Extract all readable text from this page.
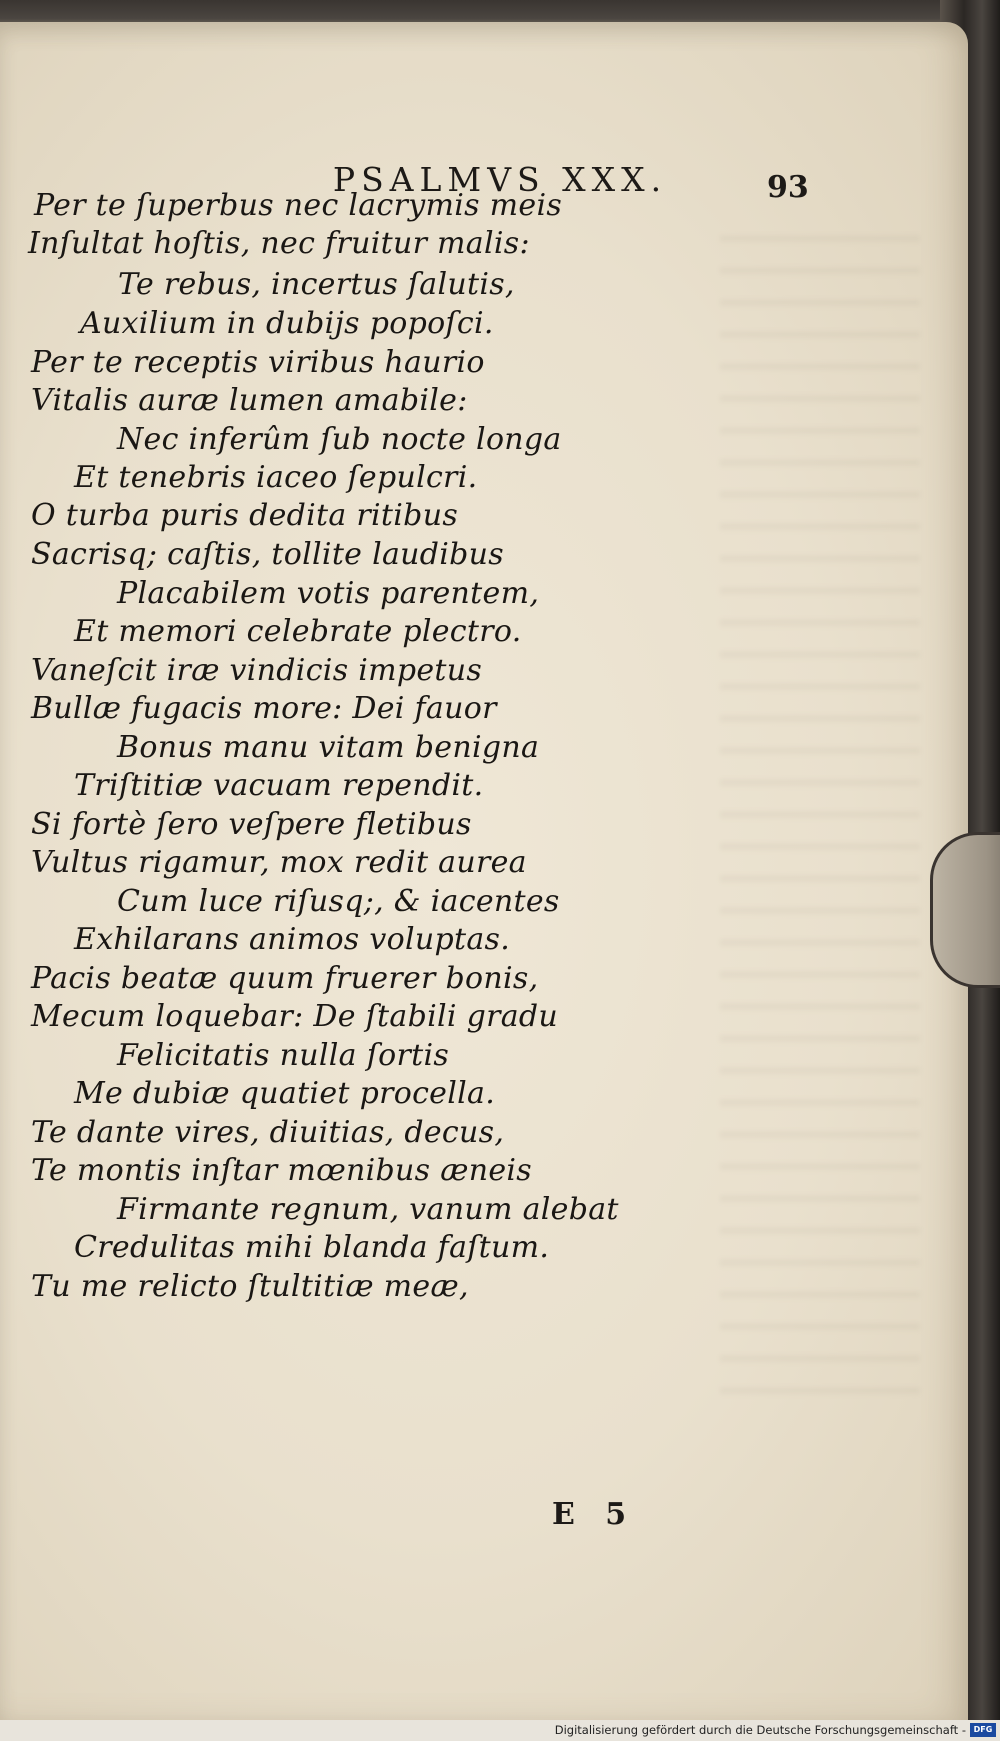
PSALMVS XXX.	93
Per te ſuperbus nec lacrymis meis
Inſultat hoſtis, nec fruitur malis:
Te rebus, incertus ſalutis,
Auxilium in dubijs popoſci.
Per te receptis viribus haurio
Vitalis auræ lumen amabile:
Nec inferûm ſub nocte longa
Et tenebris iaceo ſepulcri.
O turba puris dedita ritibus
Sacrisq; caſtis, tollite laudibus
Placabilem votis parentem,
Et memori celebrate plectro.
Vaneſcit iræ vindicis impetus
Bullæ fugacis more: Dei fauor
Bonus manu vitam benigna
Triſtitiæ vacuam rependit.
Si fortè ſero veſpere fletibus
Vultus rigamur, mox redit aurea
Cum luce riſusq;, & iacentes
Exhilarans animos voluptas.
Pacis beatæ quum fruerer bonis,
Mecum loquebar: De ſtabili gradu
Felicitatis nulla ſortis
Me dubiæ quatiet procella.
Te dante vires, diuitias, decus,
Te montis inſtar mœnibus æneis
Firmante regnum, vanum alebat
Credulitas mihi blanda faſtum.
Tu me relicto ſtultitiæ meæ,
E 5
Digitalisierung gefördert durch die Deutsche Forschungsgemeinschaft - DFG
